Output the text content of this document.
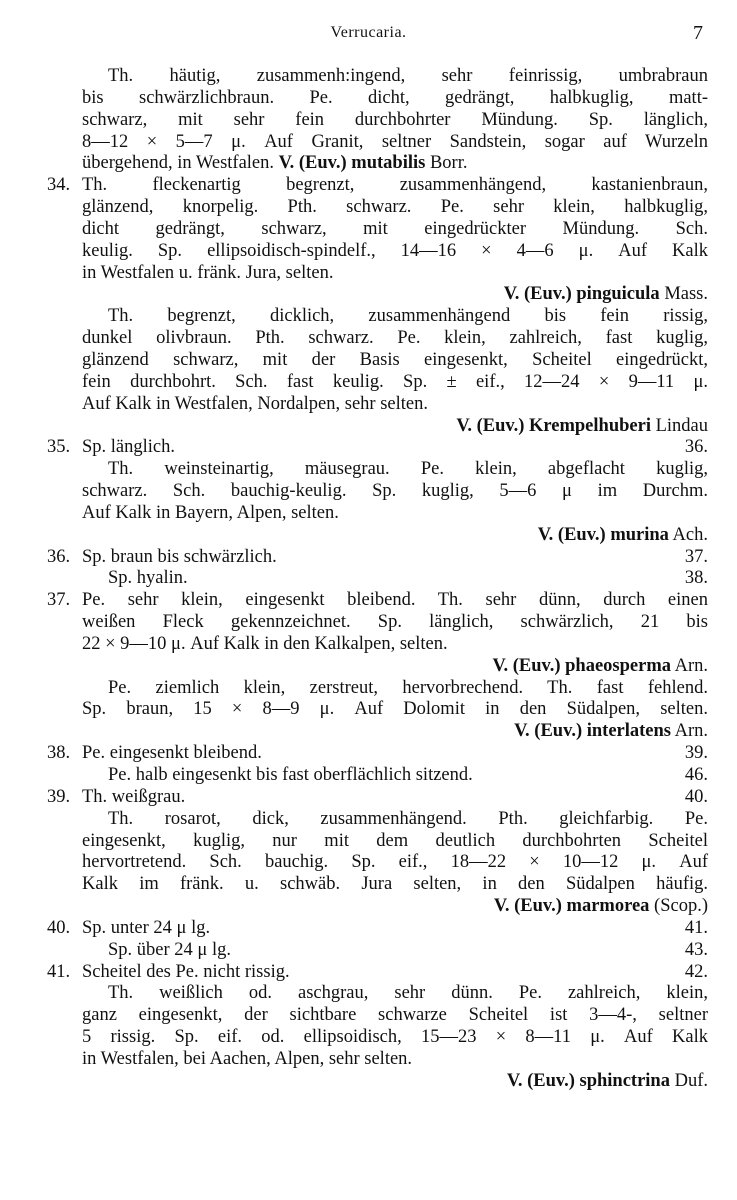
Verrucaria.	7
Th. häutig, zusammenh:ingend, sehr feinrissig, umbrabraun
bis schwärzlichbraun. Pe. dicht, gedrängt, halbkuglig, matt-
schwarz, mit sehr fein durchbohrter Mündung. Sp. länglich,
8—12 × 5—7 μ. Auf Granit, seltner Sandstein, sogar auf Wurzeln
übergehend, in Westfalen. V. (Euv.) mutabilis Borr.
34. Th. fleckenartig begrenzt, zusammenhängend, kastanienbraun,
glänzend, knorpelig. Pth. schwarz. Pe. sehr klein, halbkuglig,
dicht gedrängt, schwarz, mit eingedrückter Mündung. Sch.
keulig. Sp. ellipsoidisch-spindelf., 14—16 × 4—6 μ. Auf Kalk
in Westfalen u. fränk. Jura, selten.
V. (Euv.) pinguicula Mass.
Th. begrenzt, dicklich, zusammenhängend bis fein rissig,
dunkel olivbraun. Pth. schwarz. Pe. klein, zahlreich, fast kuglig,
glänzend schwarz, mit der Basis eingesenkt, Scheitel eingedrückt,
fein durchbohrt. Sch. fast keulig. Sp. ± eif., 12—24 × 9—11 μ.
Auf Kalk in Westfalen, Nordalpen, sehr selten.
V. (Euv.) Krempelhuberi Lindau
35. Sp. länglich.	36.
Th. weinsteinartig, mäusegrau. Pe. klein, abgeflacht kuglig,
schwarz. Sch. bauchig-keulig. Sp. kuglig, 5—6 μ im Durchm.
Auf Kalk in Bayern, Alpen, selten.
V. (Euv.) murina Ach.
36. Sp. braun bis schwärzlich.	37.
Sp. hyalin.	38.
37. Pe. sehr klein, eingesenkt bleibend. Th. sehr dünn, durch einen
weißen Fleck gekennzeichnet. Sp. länglich, schwärzlich, 21 bis
22 × 9—10 μ. Auf Kalk in den Kalkalpen, selten.
V. (Euv.) phaeosperma Arn.
Pe. ziemlich klein, zerstreut, hervorbrechend. Th. fast fehlend.
Sp. braun, 15 × 8—9 μ. Auf Dolomit in den Südalpen, selten.
V. (Euv.) interlatens Arn.
38. Pe. eingesenkt bleibend.	39.
Pe. halb eingesenkt bis fast oberflächlich sitzend.	46.
39. Th. weißgrau.	40.
Th. rosarot, dick, zusammenhängend. Pth. gleichfarbig. Pe.
eingesenkt, kuglig, nur mit dem deutlich durchbohrten Scheitel
hervortretend. Sch. bauchig. Sp. eif., 18—22 × 10—12 μ. Auf
Kalk im fränk. u. schwäb. Jura selten, in den Südalpen häufig.
V. (Euv.) marmorea (Scop.)
40. Sp. unter 24 μ lg.	41.
Sp. über 24 μ lg.	43.
41. Scheitel des Pe. nicht rissig.	42.
Th. weißlich od. aschgrau, sehr dünn. Pe. zahlreich, klein,
ganz eingesenkt, der sichtbare schwarze Scheitel ist 3—4-, seltner
5 rissig. Sp. eif. od. ellipsoidisch, 15—23 × 8—11 μ. Auf Kalk
in Westfalen, bei Aachen, Alpen, sehr selten.
V. (Euv.) sphinctrina Duf.
